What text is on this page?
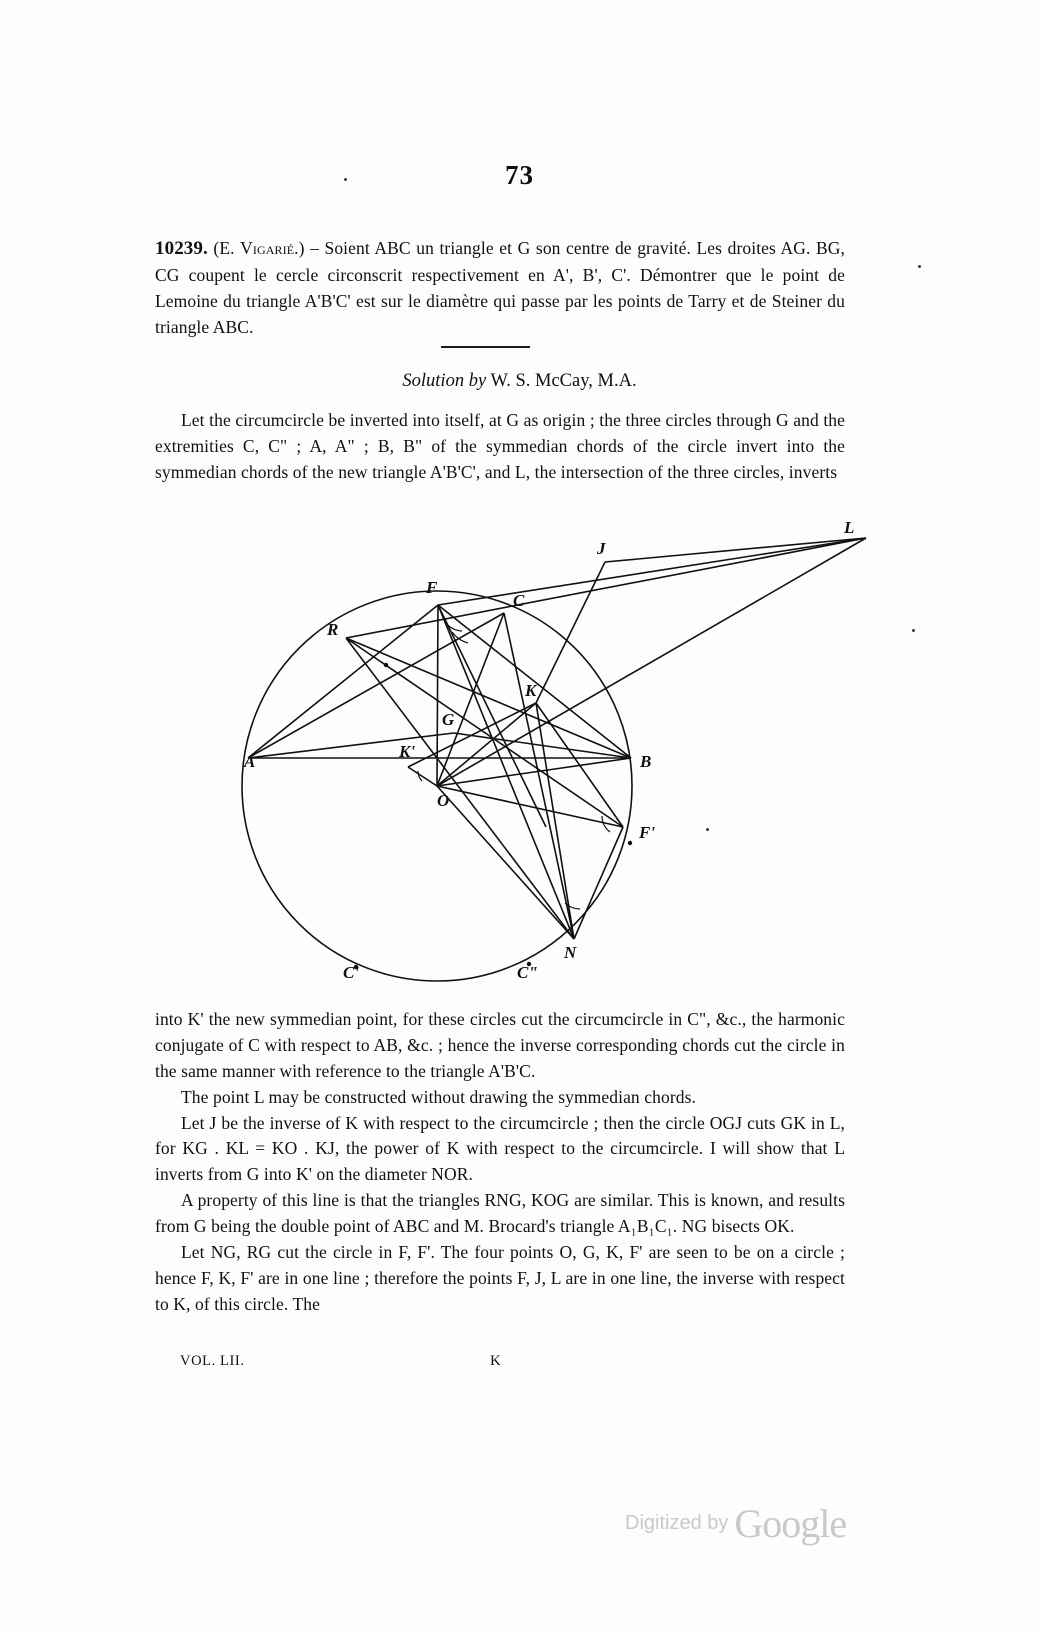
73
10239. (E. Vigarié.) – Soient ABC un triangle et G son centre de gravité. Les droites AG. BG, CG coupent le cercle circonscrit respectivement en A', B', C'. Démontrer que le point de Lemoine du triangle A'B'C' est sur le diamètre qui passe par les points de Tarry et de Steiner du triangle ABC.
Solution by W. S. McCay, M.A.
Let the circumcircle be inverted into itself, at G as origin ; the three circles through G and the extremities C, C" ; A, A" ; B, B" of the symmedian chords of the circle invert into the symmedian chords of the new triangle A'B'C', and L, the intersection of the three circles, inverts
L
J
F
C
R
K
G
K'
A	B
O
F'
N
C'	C"

into K' the new symmedian point, for these circles cut the circumcircle in C", &c., the harmonic conjugate of C with respect to AB, &c. ; hence the inverse corresponding chords cut the circle in the same manner with reference to the triangle A'B'C.

The point L may be constructed without drawing the symmedian chords.

Let J be the inverse of K with respect to the circumcircle ; then the circle OGJ cuts GK in L, for KG . KL = KO . KJ, the power of K with respect to the circumcircle. I will show that L inverts from G into K' on the diameter NOR.

A property of this line is that the triangles RNG, KOG are similar. This is known, and results from G being the double point of ABC and M. Brocard's triangle A₁B₁C₁. NG bisects OK.

Let NG, RG cut the circle in F, F'. The four points O, G, K, F' are seen to be on a circle ; hence F, K, F' are in one line ; therefore the points F, J, L are in one line, the inverse with respect to K, of this circle. The

VOL. LII.	K
Digitized by Google
